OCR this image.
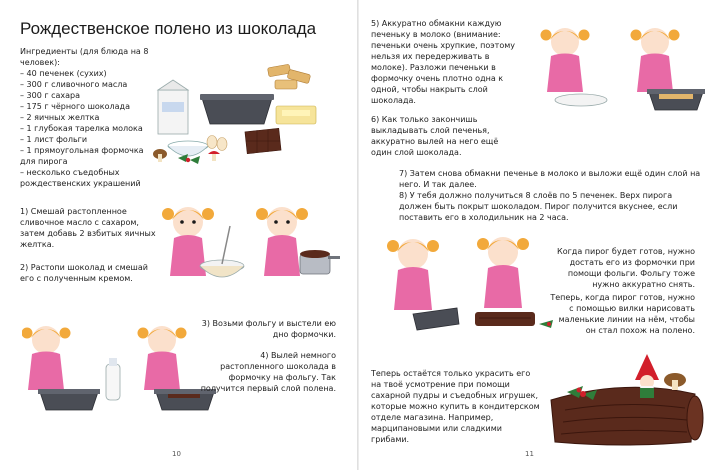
Рождественское полено из шоколада
Ингредиенты (для блюда на 8 человек):
– 40 печенек (сухих)
– 300 г сливочного масла
– 300 г сахара
– 175 г чёрного шоколада
– 2 яичных желтка
– 1 глубокая тарелка молока
– 1 лист фольги
– 1 прямоугольная формочка
для пирога
– несколько съедобных
рождественских украшений
1) Смешай растопленное сливочное масло с сахаром, затем добавь 2 взбитых яичных желтка.
2) Растопи шоколад и смешай его с полученным кремом.
3) Возьми фольгу и выстели ею дно формочки.
4) Вылей немного растопленного шоколада в формочку на фольгу. Так получится первый слой полена.
10
5) Аккуратно обмакни каждую печеньку в молоко (внимание: печеньки очень хрупкие, поэтому нельзя их передерживать в молоке). Разложи печеньки в формочку очень плотно одна к одной, чтобы накрыть слой шоколада.
6) Как только закончишь выкладывать слой печенья, аккуратно вылей на него ещё один слой шоколада.
7) Затем снова обмакни печенье в молоко и выложи ещё один слой на него. И так далее.
8) У тебя должно получиться 8 слоёв по 5 печенек. Верх пирога должен быть покрыт шоколадом. Пирог получится вкуснее, если поставить его в холодильник на 2 часа.
Когда пирог будет готов, нужно достать его из формочки при помощи фольги. Фольгу тоже нужно аккуратно снять.
Теперь, когда пирог готов, нужно с помощью вилки нарисовать маленькие линии на нём, чтобы он стал похож на полено.
Теперь остаётся только украсить его на твоё усмотрение при помощи сахарной пудры и съедобных игрушек, которые можно купить в кондитерском отделе магазина. Например, марципановыми или сладкими грибами.
11
